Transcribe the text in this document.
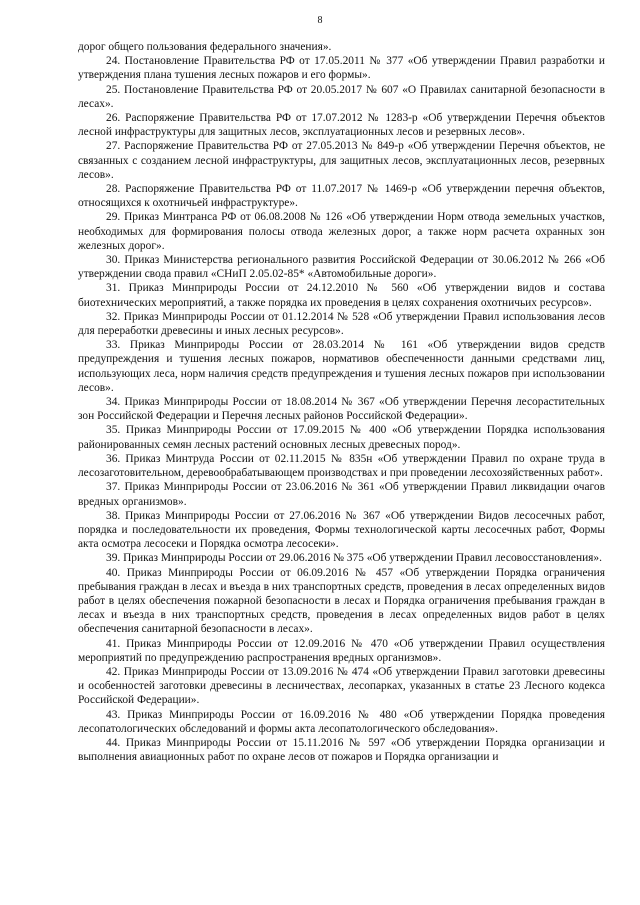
8

дорог общего пользования федерального значения».

24. Постановление Правительства РФ от 17.05.2011 № 377 «Об утверждении Правил разработки и утверждения плана тушения лесных пожаров и его формы».

25. Постановление Правительства РФ от 20.05.2017 № 607 «О Правилах санитарной безопасности в лесах».

26. Распоряжение Правительства РФ от 17.07.2012 № 1283-р «Об утверждении Перечня объектов лесной инфраструктуры для защитных лесов, эксплуатационных лесов и резервных лесов».

27. Распоряжение Правительства РФ от 27.05.2013 № 849-р «Об утверждении Перечня объектов, не связанных с созданием лесной инфраструктуры, для защитных лесов, эксплуатационных лесов, резервных лесов».

28. Распоряжение Правительства РФ от 11.07.2017 № 1469-р «Об утверждении перечня объектов, относящихся к охотничьей инфраструктуре».

29. Приказ Минтранса РФ от 06.08.2008 № 126 «Об утверждении Норм отвода земельных участков, необходимых для формирования полосы отвода железных дорог, а также норм расчета охранных зон железных дорог».

30. Приказ Министерства регионального развития Российской Федерации от 30.06.2012 № 266 «Об утверждении свода правил «СНиП 2.05.02-85* «Автомобильные дороги».

31. Приказ Минприроды России от 24.12.2010 № 560 «Об утверждении видов и состава биотехнических мероприятий, а также порядка их проведения в целях сохранения охотничьих ресурсов».

32. Приказ Минприроды России от 01.12.2014 № 528 «Об утверждении Правил использования лесов для переработки древесины и иных лесных ресурсов».

33. Приказ Минприроды России от 28.03.2014 № 161 «Об утверждении видов средств предупреждения и тушения лесных пожаров, нормативов обеспеченности данными средствами лиц, использующих леса, норм наличия средств предупреждения и тушения лесных пожаров при использовании лесов».

34. Приказ Минприроды России от 18.08.2014 № 367 «Об утверждении Перечня лесорастительных зон Российской Федерации и Перечня лесных районов Российской Федерации».

35. Приказ Минприроды России от 17.09.2015 № 400 «Об утверждении Порядка использования районированных семян лесных растений основных лесных древесных пород».

36. Приказ Минтруда России от 02.11.2015 № 835н «Об утверждении Правил по охране труда в лесозаготовительном, деревообрабатывающем производствах и при проведении лесохозяйственных работ».

37. Приказ Минприроды России от 23.06.2016 № 361 «Об утверждении Правил ликвидации очагов вредных организмов».

38. Приказ Минприроды России от 27.06.2016 № 367 «Об утверждении Видов лесосечных работ, порядка и последовательности их проведения, Формы технологической карты лесосечных работ, Формы акта осмотра лесосеки и Порядка осмотра лесосеки».

39. Приказ Минприроды России от 29.06.2016 № 375 «Об утверждении Правил лесовосстановления».

40. Приказ Минприроды России от 06.09.2016 № 457 «Об утверждении Порядка ограничения пребывания граждан в лесах и въезда в них транспортных средств, проведения в лесах определенных видов работ в целях обеспечения пожарной безопасности в лесах и Порядка ограничения пребывания граждан в лесах и въезда в них транспортных средств, проведения в лесах определенных видов работ в целях обеспечения санитарной безопасности в лесах».

41. Приказ Минприроды России от 12.09.2016 № 470 «Об утверждении Правил осуществления мероприятий по предупреждению распространения вредных организмов».

42. Приказ Минприроды России от 13.09.2016 № 474 «Об утверждении Правил заготовки древесины и особенностей заготовки древесины в лесничествах, лесопарках, указанных в статье 23 Лесного кодекса Российской Федерации».

43. Приказ Минприроды России от 16.09.2016 № 480 «Об утверждении Порядка проведения лесопатологических обследований и формы акта лесопатологического обследования».

44. Приказ Минприроды России от 15.11.2016 № 597 «Об утверждении Порядка организации и выполнения авиационных работ по охране лесов от пожаров и Порядка организации и
